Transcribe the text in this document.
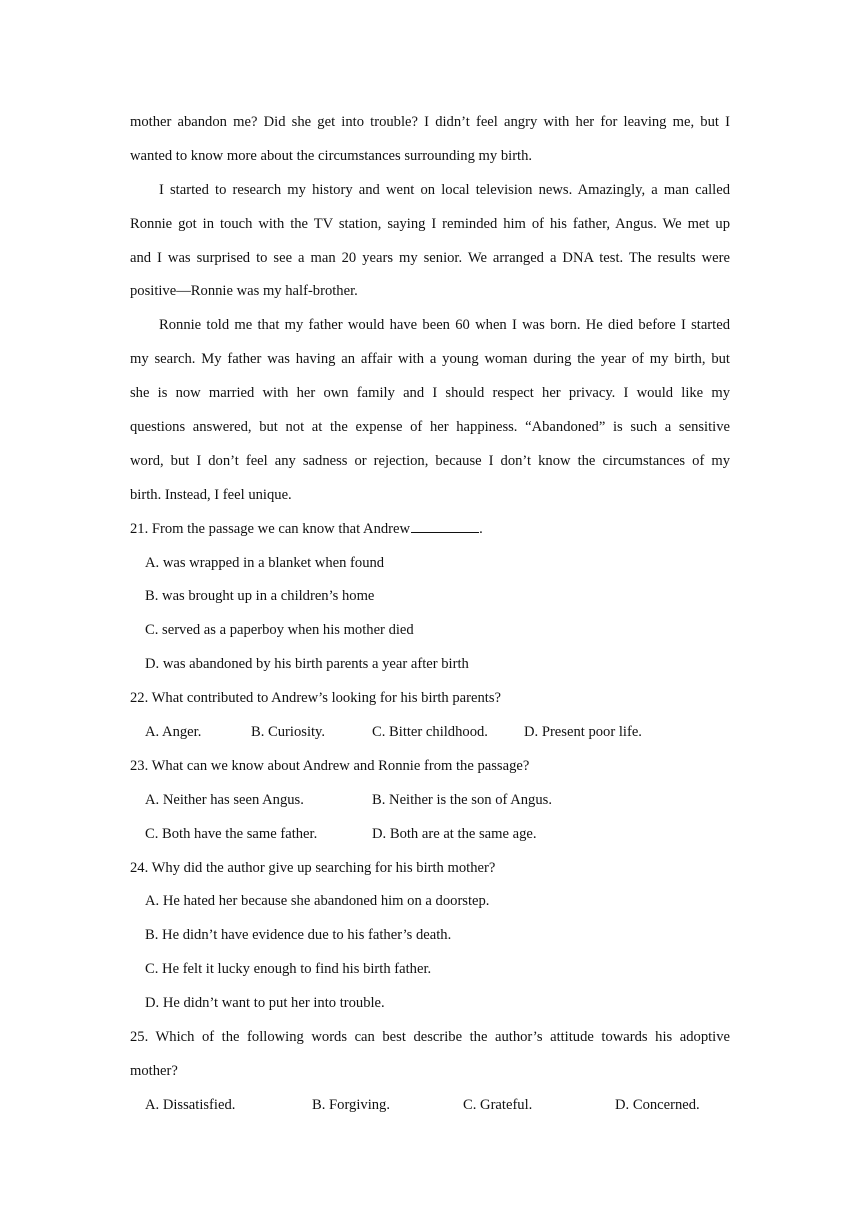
mother abandon me? Did she get into trouble? I didn’t feel angry with her for leaving me, but I
wanted to know more about the circumstances surrounding my birth.
I started to research my history and went on local television news. Amazingly, a man called
Ronnie got in touch with the TV station, saying I reminded him of his father, Angus. We met up
and I was surprised to see a man 20 years my senior. We arranged a DNA test. The results were
positive—Ronnie was my half-brother.
Ronnie told me that my father would have been 60 when I was born. He died before I started
my search. My father was having an affair with a young woman during the year of my birth, but
she is now married with her own family and I should respect her privacy. I would like my
questions answered, but not at the expense of her happiness. “Abandoned” is such a sensitive
word, but I don’t feel any sadness or rejection, because I don’t know the circumstances of my
birth. Instead, I feel unique.
21. From the passage we can know that Andrew	.
A. was wrapped in a blanket when found
B. was brought up in a children’s home
C. served as a paperboy when his mother died
D. was abandoned by his birth parents a year after birth
22. What contributed to Andrew’s looking for his birth parents?
A. Anger.	B. Curiosity.	C. Bitter childhood.	D. Present poor life.
23. What can we know about Andrew and Ronnie from the passage?
A. Neither has seen Angus.	B. Neither is the son of Angus.
C. Both have the same father.	D. Both are at the same age.
24. Why did the author give up searching for his birth mother?
A. He hated her because she abandoned him on a doorstep.
B. He didn’t have evidence due to his father’s death.
C. He felt it lucky enough to find his birth father.
D. He didn’t want to put her into trouble.
25. Which of the following words can best describe the author’s attitude towards his adoptive
mother?
A. Dissatisfied.	B. Forgiving.	C. Grateful.	D. Concerned.
